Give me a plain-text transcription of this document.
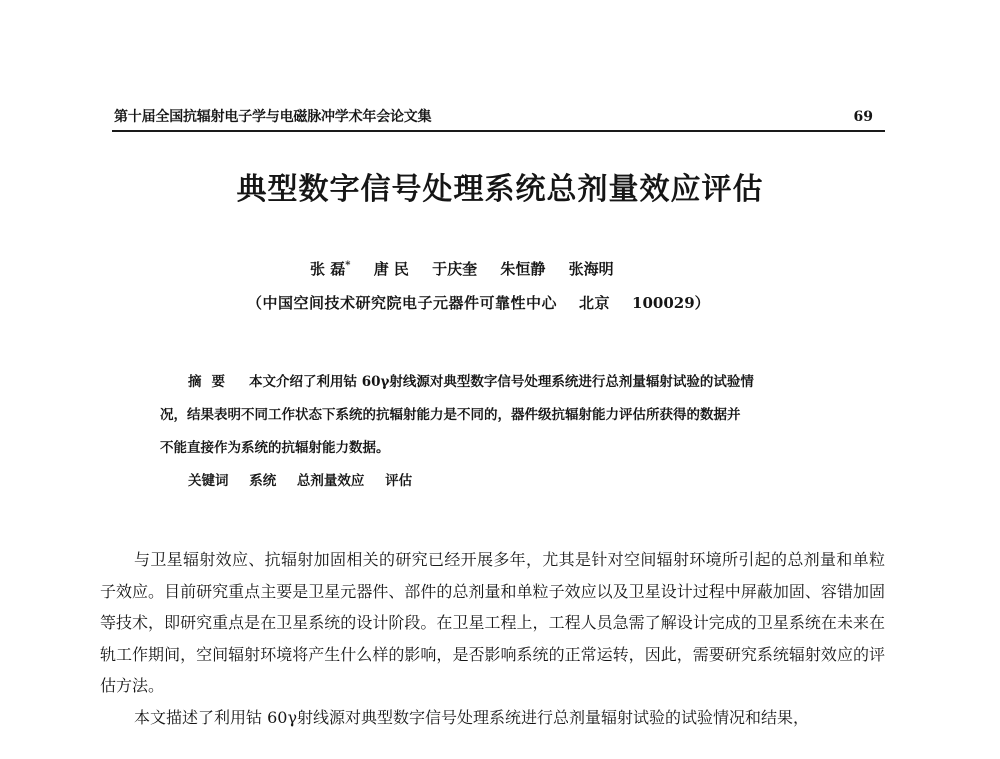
第十届全国抗辐射电子学与电磁脉冲学术年会论文集	69
典型数字信号处理系统总剂量效应评估
张 磊* 唐 民 于庆奎 朱恒静 张海明
（中国空间技术研究院电子元器件可靠性中心 北京 100029）

摘要 本文介绍了利用钴 60γ射线源对典型数字信号处理系统进行总剂量辐射试验的试验情

况，结果表明不同工作状态下系统的抗辐射能力是不同的，器件级抗辐射能力评估所获得的数据并

不能直接作为系统的抗辐射能力数据。

关键词 系统 总剂量效应 评估

与卫星辐射效应、抗辐射加固相关的研究已经开展多年，尤其是针对空间辐射环境所引起的总剂量和单粒子效应。目前研究重点主要是卫星元器件、部件的总剂量和单粒子效应以及卫星设计过程中屏蔽加固、容错加固等技术，即研究重点是在卫星系统的设计阶段。在卫星工程上，工程人员急需了解设计完成的卫星系统在未来在轨工作期间，空间辐射环境将产生什么样的影响，是否影响系统的正常运转，因此，需要研究系统辐射效应的评估方法。

本文描述了利用钴 60γ射线源对典型数字信号处理系统进行总剂量辐射试验的试验情况和结果，
